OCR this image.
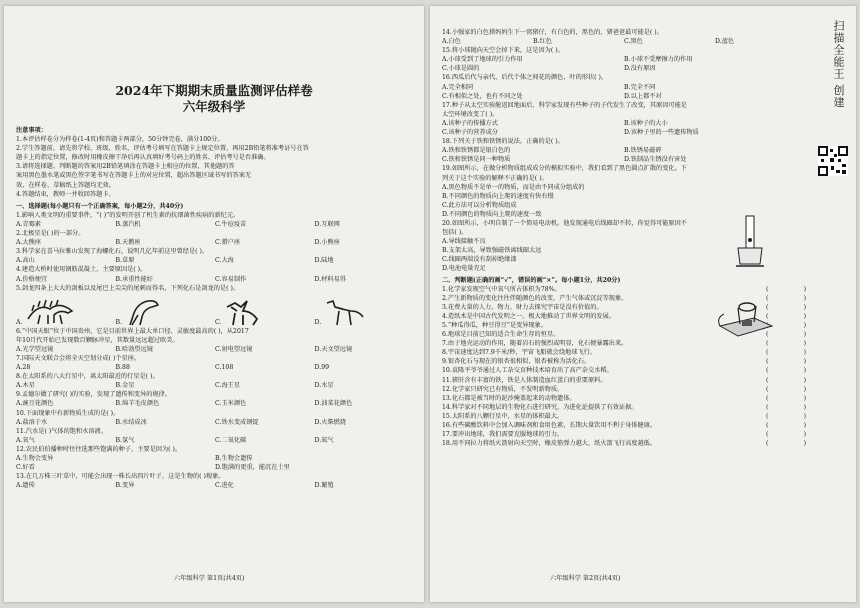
2024年下期期末质量监测评估样卷
六年级科学
注意事项：
1.本评估样卷分为样卷(1-4页)和答题卡两部分，50分钟完卷，满分100分。
2.学生答题前，请先将学校、班级、姓名、评估考号填写在答题卡上规定位置，再用2B铅笔将准考证号在答
题卡上的指定位置，修改时用橡皮擦干净后再认真填好考号码上的姓名、评估考号是否准确。
3.请将选择题、判断题的答案用2B铅笔填涂在答题卡上相应的位置，其他题的答
案用黑色墨水笔或黑色签字笔书写在答题卡上的对应位置，超出答题区域书写的答案无
效，在样卷、草稿纸上答题均无效。
4.答题结束，教师一并收回答题卡。
一、选择题(每小题只有一个正确答案，每小题2分，共40分)
1.影响人类文明的重要事件，“( )”的发明开创了机生素的抗细菌性疾病的新纪元。
A.青霉素	B.蒸汽机	C.牛痘疫苗	D.互联网
2.北极星是( )的一部分。
A.大熊座	B.天鹅座	C.猎户座	D.小熊座
3.科学家在喜马拉雅山发现了海螺化石，说明几亿年前这里曾经是( )。
A.高山	B.草原	C.大海	D.陆地
4.建造大桥时使用钢筋混凝土，主要原因是( )。
A.价格便宜	B.承重性能好	C.容易制作	D.材料易得
5.剑龙四条上大大的剑板以及尾巴上尖尖的尾刺而得名，下列化石是剑龙的是( )。
A.	B.	C.	D.
6.“中国天眼”位于中国贵州，它是目前世界上最大单口径、灵敏度最高的( )，从2017
年10月代开始已发现数百颗脉冲星，其数量远远超过欧美。
A.光学望远镜	B.哈勃望远镜	C.射电望远镜	D.天文望远镜
7.国际天文联合会将全天空划分成( )个星座。
A.28	B.88	C.108	D.99
8.在太阳系的八大行星中，离太阳最近的行星是( )。
A.木星	B.金星	C.海王星	D.水星
9.孟德尔做了研究( )的实验，发现了遗传和变异的规律。
A.豌豆花颜色	B.绵羊毛皮颜色	C.玉米颜色	D.油菜花颜色
10.下面现象中有新物质生成的是( )。
A.盐溶于水	B.水结成冰	C.铁水变成钢锭	D.火柴燃烧
11.汽水是( )气体的饱和水溶液。
A.氧气	B.氢气	C.二氧化碳	D.氮气
12.农民伯伯播种时往往选那些饱满的种子，主要是因为( )。
A.生物会变异	B.生物会遗传
C.好看	D.饱满的更重，能沉在土里
13.在几万株三叶草中，可能会出现一株长出四片叶子，这是生物的( )现象。
A.遗传	B.变异	C.进化	D.繁殖
六年级科学 第1页(共4页)
14.小强家的白色猪妈妈生下一窝猪仔，有白色的，黑色的，猪爸爸最可能是( )。
A.白色	B.红色	C.黑色	D.蓝色
15.将小球抛向天空会掉下来，这是因为( )。
A.小球受到了地球的引力作用	B.小球不受摩擦力的作用
C.小球是圆的	D.没有原因
16.西瓜后代与亲代，后代个体之间花的颜色，叶的形状( )。
A.完全相同	B.完全不同
C.有相似之处，也有不同之处	D.以上都不对
17.种子从太空实验舱返回地面后，科学家发现有些种子的子代发生了改变，其原因可能是
太空环境改变了( )。
A.该种子的传播方式	B.该种子的大小
C.该种子的营养成分	D.该种子里的一些遗传物质
18.下列关于铁和铁锈的说法，正确的是( )。
A.铁和铁锈都是银白色的	B.铁锈易磁碎
C.铁和铁锈是同一种物质	D.铁制品生锈没有害处
19.如图所示，在做分析物质组成成分的模拟实验中，我们看到了黑色圆点扩散的变化。下
列关于这个实验的解释不正确的是( )。
A.黑色物质不是单一的物质，而是由不同成分组成的
B.不同颜色的物质向上爬的速度有快有慢
C.此方法可以分析物质组成
D.不同颜色的物质向上爬的速度一致
20.如图所示，小明自制了一个简易电动机。他发现通电后线圈却不转，你觉得可能原因不
包括( )。
A.导线接触不良
B.支架太高，导致强磁铁离线圈太远
C.线圈两端没有刮掉绝缘漆
D.电池电量充足
二、判断题(正确的画“√”，错误的画“×”。每小题1分，共20分)
1.化学家发现空气中氧气所占体积为78%。	(	)
2.产生新物质的变化往往伴随颜色的改变、产生气体或沉淀等现象。	(	)
3.花费大量的人力、物力、财力去探究宇宙是没有价值的。	(	)
4.造纸术是中国古代发明之一，极大地推动了世界文明的发展。	(	)
5.“种瓜得瓜，种豆得豆”是变异现象。	)
6.地球是目前已知的适合生命生存的恒星。	(	)
7.由于地壳运动的作用，随着岩石的强烈或明显，化石便暴露出来。	(	)
8.宇宙速度达到7.9千米/秒，宇宙飞船就会绕地球飞行。	(	)
9.银杏化石与现在的银杏很相似，银杏被称为活化石。	(	)
10.袁隆平爷爷通过人工杂交育种技术培育出了高产杂交水稻。	(	)
11.猪肝含有丰富的铁，铁是人体制造血红蛋白的重要原料。	(	)
12.化学家只研究已有物质，不发明新物质。	(	)
13.化石都是被当时的泥沙掩盖起来的动物遗体。	(	)
14.科学家对不同地层的生物化石进行研究，为进化论提供了有效证据。	(	)
15.太阳系的八颗行星中，水星的体积最大。	(	)
16.有些碳酸饮料中会加入调味剂和食用色素，长期大量饮用不利于身体健康。	(	)
17.要冲出地球，我们需要克服地球的引力。	(	)
18.用不同拉力将纸火箭射向天空时，橡皮筋弹力越大，纸火箭飞行高度越低。	(	)
六年级科学 第2页(共4页)
扫描全能王 创建
